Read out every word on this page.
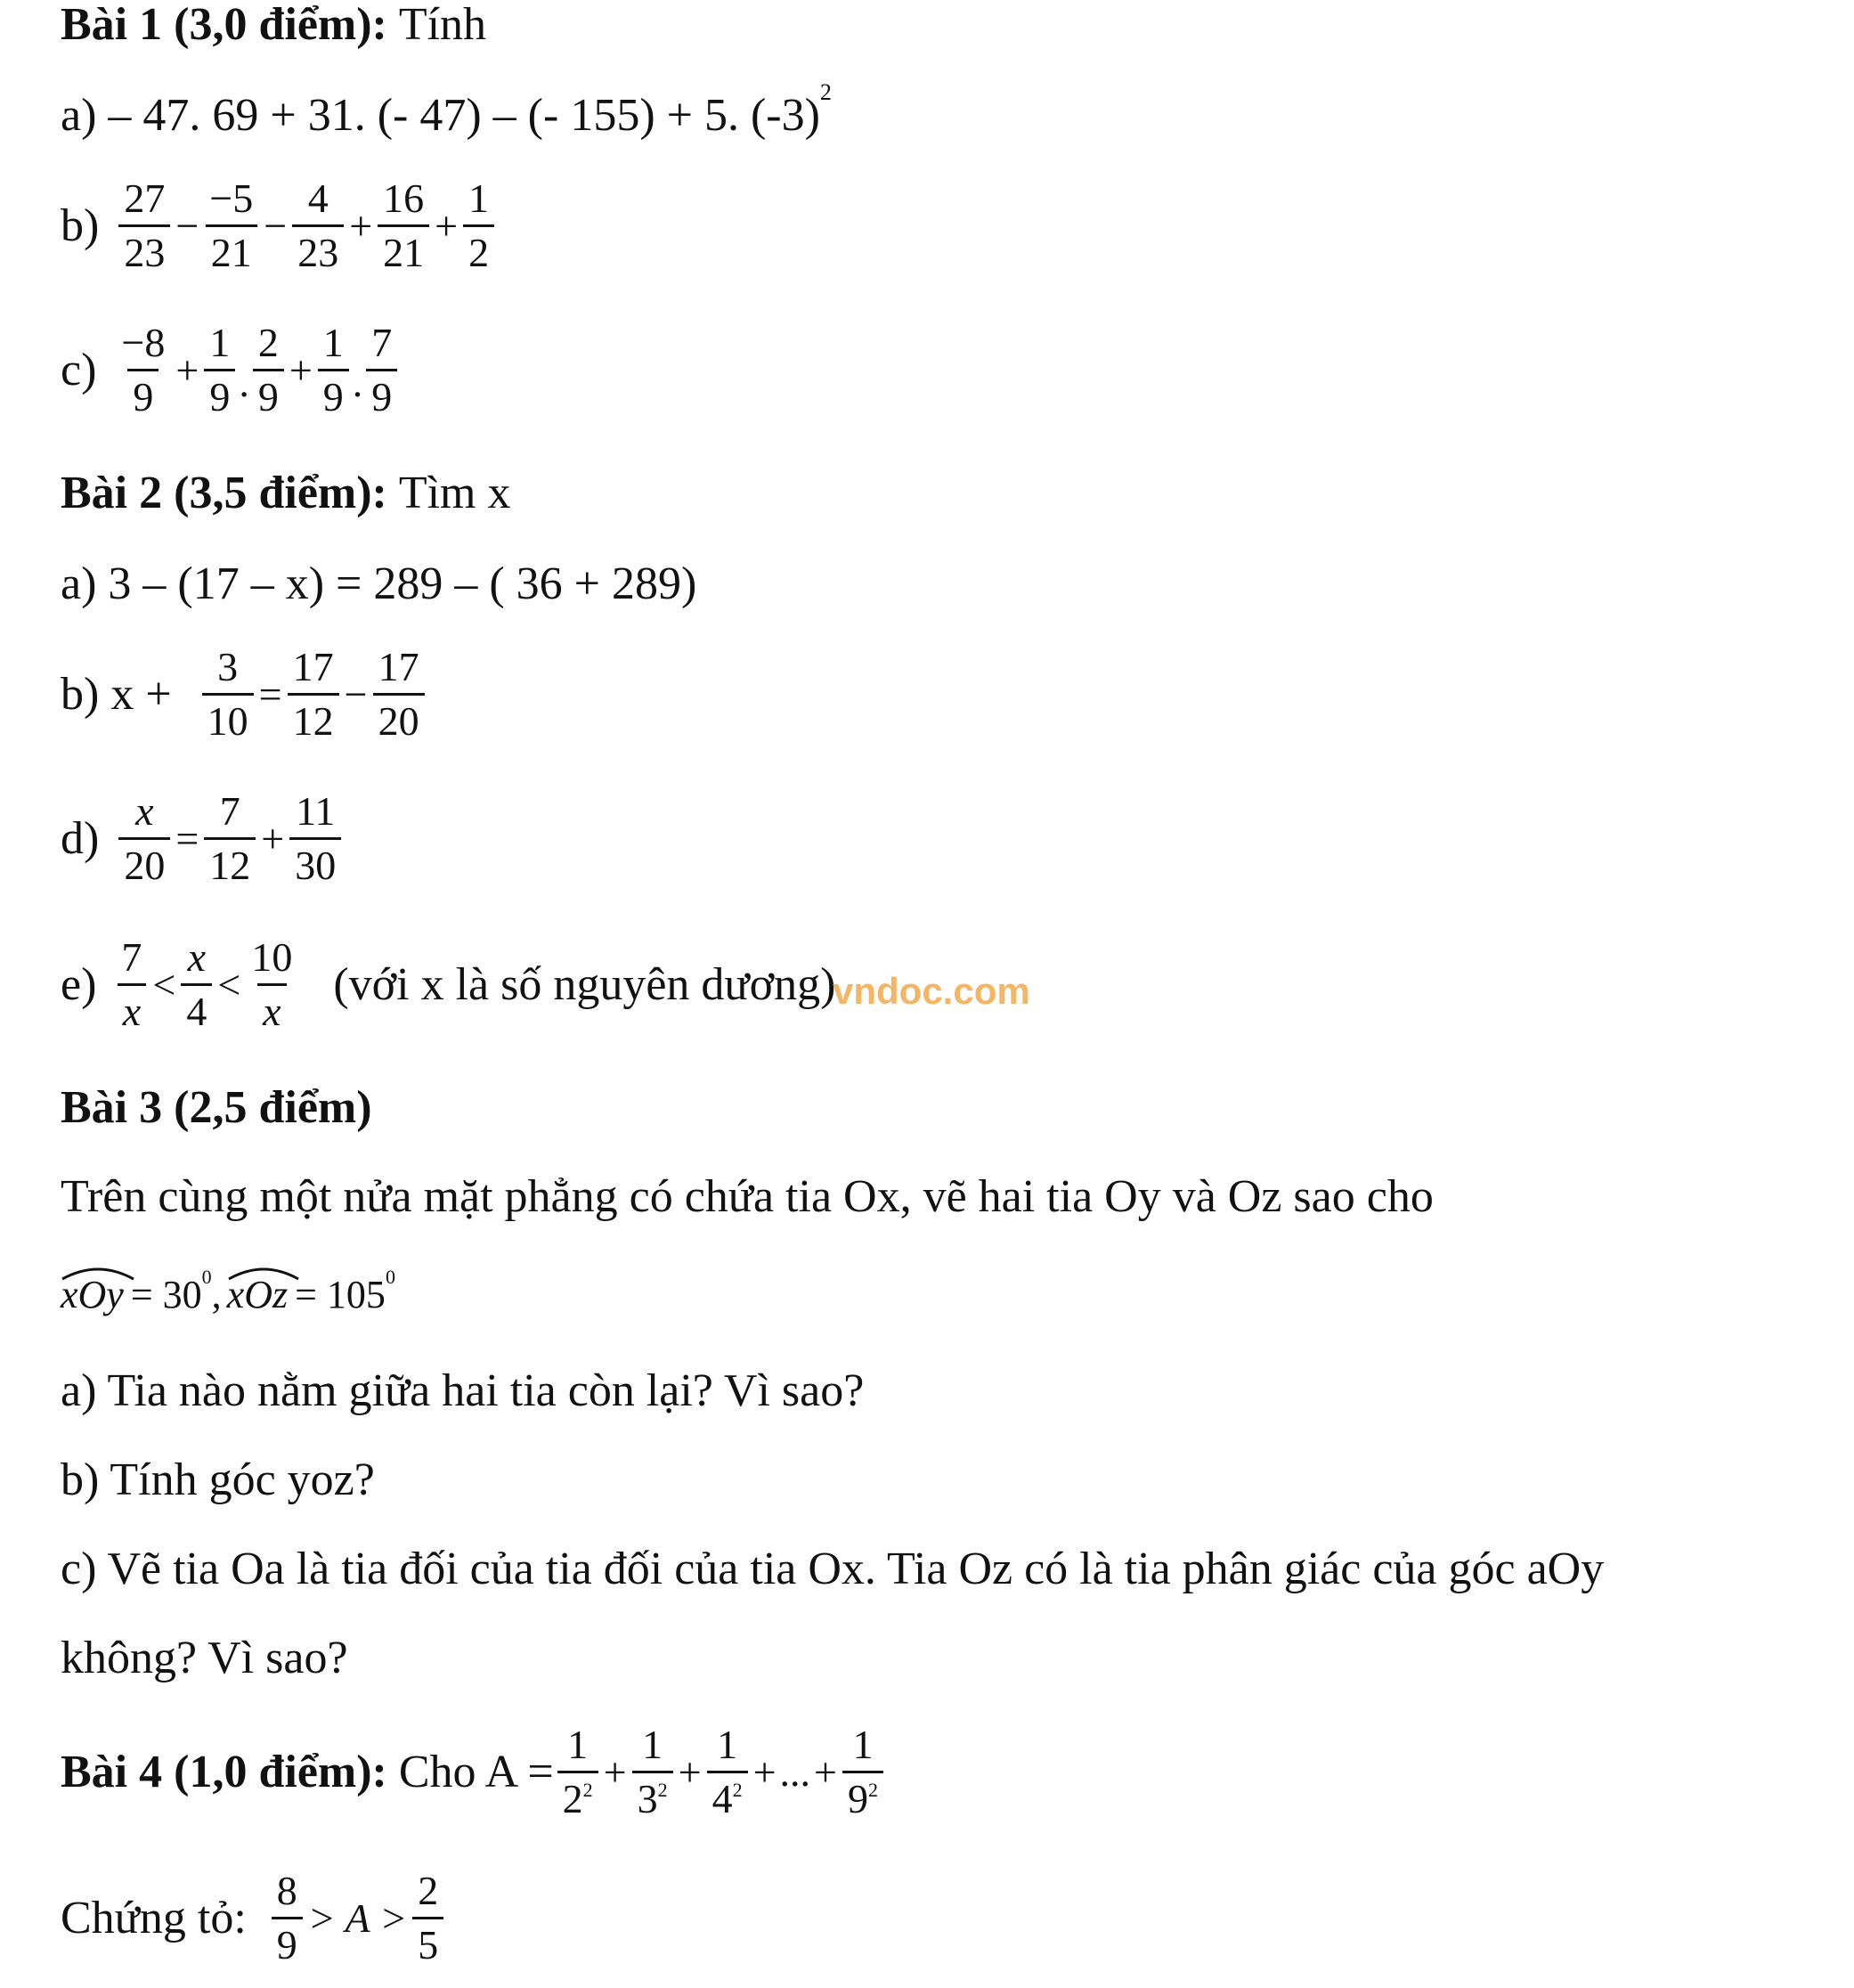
Bài 1 (3,0 điểm):
Tính
a)
– 47. 69 + 31. (- 47) – (- 155) + 5. (-3) 2
$b) \frac{27}{23} - \frac{-5}{21} - \frac{4}{23} + \frac{16}{21} + \frac{1}{2}$
$c) \frac{-8}{9} + \frac{1}{9}$ . $\frac{2}{9} + \frac{1}{9}$ . $\frac{7}{9}$
Bài 2 (3,5 điểm):
Tìm x
a)
3 – (17 – x) = 289 – ( 36 + 289)
b)
$x + \frac{3}{10} = \frac{17}{12} - \frac{17}{20}$
$d) \frac{x}{20} = \frac{7}{12} + \frac{11}{30}$
$e) \frac{7}{x} < \frac{x}{4} < \frac{10}{x}$ (với x là số nguyên dương)
vndoc.com
Bài 3 (2,5 điểm)
Trên cùng một nửa mặt phẳng có chứa tia Ox, vẽ hai tia Oy và Oz sao cho
xOy = 30 0 , xOz = 105 0
a) Tia nào nằm giữa hai tia còn lại? Vì sao?
b) Tính góc yoz?
c) Vẽ tia Oa là tia đối của tia đối của tia Ox. Tia Oz có là tia phân giác của góc aOy
không? Vì sao?
Bài 4 (1,0 điểm):
Cho $A = \frac{1}{2^2} + \frac{1}{3^2} + \frac{1}{4^2}$ + ... + $\frac{1}{9^2}$
Chứng tỏ: $\frac{8}{9} > A > \frac{2}{5}$
